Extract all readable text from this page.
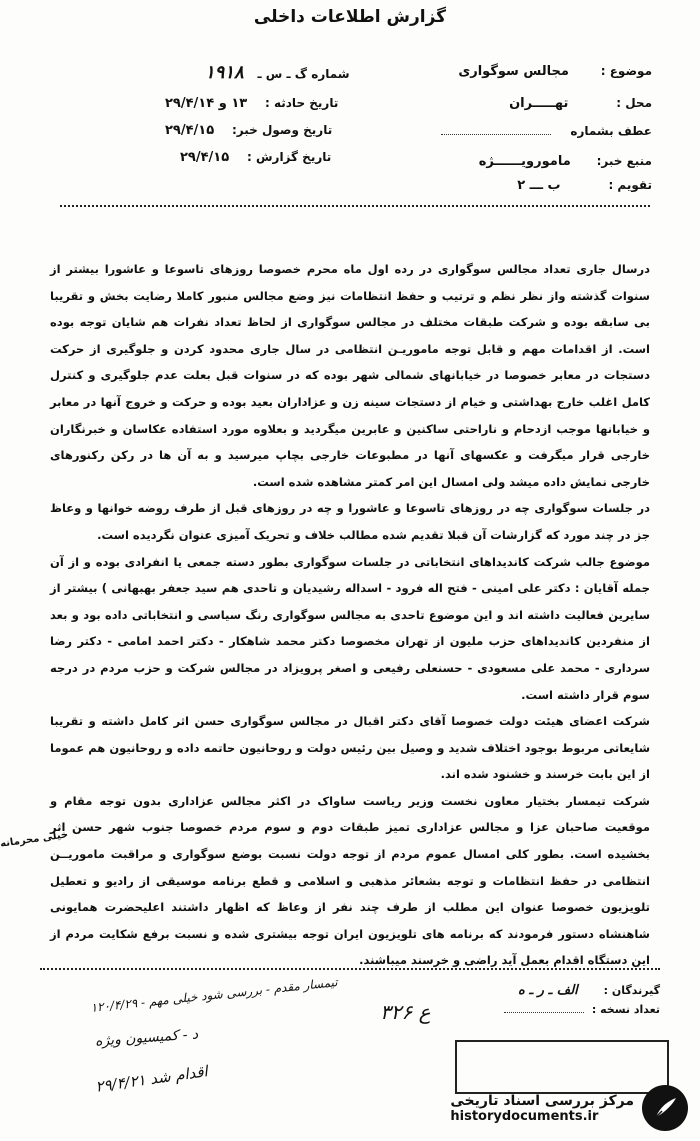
گزارش اطلاعات داخلی
موضوع : مجالس سوگواری
محل : تهـــــران
عطف بشماره
منبع خبر: مامورویــــــژه
تقویم : ب ـــ ۲
شماره گ ـ س ـ ۱۹۱۸
تاریخ حادثه : ۱۳ و ۲۹/۴/۱۴
تاریخ وصول خبر: ۲۹/۴/۱۵
تاریخ گزارش : ۲۹/۴/۱۵

درسال جاری تعداد مجالس سوگواری در رده اول ماه محرم خصوصا روزهای تاسوعا و عاشورا بیشتر از سنوات گذشته واز نظر نظم و ترتیب و حفظ انتظامات نیز وضع مجالس منبور کاملا رضایت بخش و تقریبا بی سابقه بوده و شرکت طبقات مختلف در مجالس سوگواری از لحاظ تعداد نفرات هم شایان توجه بوده است. از اقدامات مهم و قابل توجه ماموریـن انتظامی در سال جاری محدود کردن و جلوگیری از حرکت دستجات در معابر خصوصا در خیابانهای شمالی شهر بوده که در سنوات قبل بعلت عدم جلوگیری و کنترل کامل اغلب خارج بهداشتی و خیام از دستجات سینه زن و عزاداران بعید بوده و حرکت و خروج آنها در معابر و خیابانها موجب ازدحام و ناراحتی ساکنین و عابرین میگردید و بعلاوه مورد استفاده عکاسان و خبرنگاران خارجی قرار میگرفت و عکسهای آنها در مطبوعات خارجی بچاپ میرسید و به آن ها در رکن رکنورهای خارجی نمایش داده میشد ولی امسال این امر کمتر مشاهده شده است.

در جلسات سوگواری چه در روزهای تاسوعا و عاشورا و چه در روزهای قبل از طرف روضه خوانها و وعاظ جز در چند مورد که گزارشات آن قبلا تقدیم شده مطالب خلاف و تحریک آمیزی عنوان نگردیده است.

موضوع جالب شرکت کاندیداهای انتخاباتی در جلسات سوگواری بطور دسته جمعی یا انفرادی بوده و از آن جمله آقایان : دکتر علی امینی - فتح اله فرود - اسداله رشیدیان و تاحدی هم سید جعفر بهبهانی ) بیشتر از سایرین فعالیت داشته اند و این موضوع تاحدی به مجالس سوگواری رنگ سیاسی و انتخاباتی داده بود و بعد از منفردین کاندیداهای حزب ملیون از تهران مخصوصا دکتر محمد شاهکار - دکتر احمد امامی - دکتر رضا سرداری - محمد علی مسعودی - حسنعلی رفیعی و اصغر پرویزاد در مجالس شرکت و حزب مردم در درجه سوم قرار داشته است.

شرکت اعضای هیئت دولت خصوصا آقای دکتر اقبال در مجالس سوگواری حسن اثر کامل داشته و تقریبا شایعاتی مربوط بوجود اختلاف شدید و وصیل بین رئیس دولت و روحانیون حاتمه داده و روحانیون هم عموما از این بابت خرسند و خشنود شده اند.

شرکت تیمسار بختیار معاون نخست وزیر ریاست ساواک در اکثر مجالس عزاداری بدون توجه مقام و موقعیت صاحبان عزا و مجالس عزاداری تمیز طبقات دوم و سوم مردم خصوصا جنوب شهر حسن اثر بخشیده است. بطور کلی امسال عموم مردم از توجه دولت نسبت بوضع سوگواری و مراقبت ماموریــن انتظامی در حفظ انتظامات و توجه بشعائر مذهبی و اسلامی و قطع برنامه موسیقی از رادیو و تعطیل تلویزیون خصوصا عنوان این مطلب از طرف چند نفر از وعاظ که اظهار داشتند اعلیحضرت همایونی شاهنشاه دستور فرمودند که برنامه های تلویزیون ایران توجه بیشتری شده و نسبت برفع شکایت مردم از این دستگاه اقدام بعمل آید راضی و خرسند میباشند.

خیلی محرمانه
گیرندگان : الف ـ ر ـ ه
تعداد نسخه :
تیمسار مقدم - بررسی شود خیلی مهم - ۱۲۰/۴/۲۹
د - کمیسیون ویژه
اقدام شد ۲۹/۴/۲۱
ع ۳۲۶
مرکز بررسی اسناد تاریخی
historydocuments.ir
